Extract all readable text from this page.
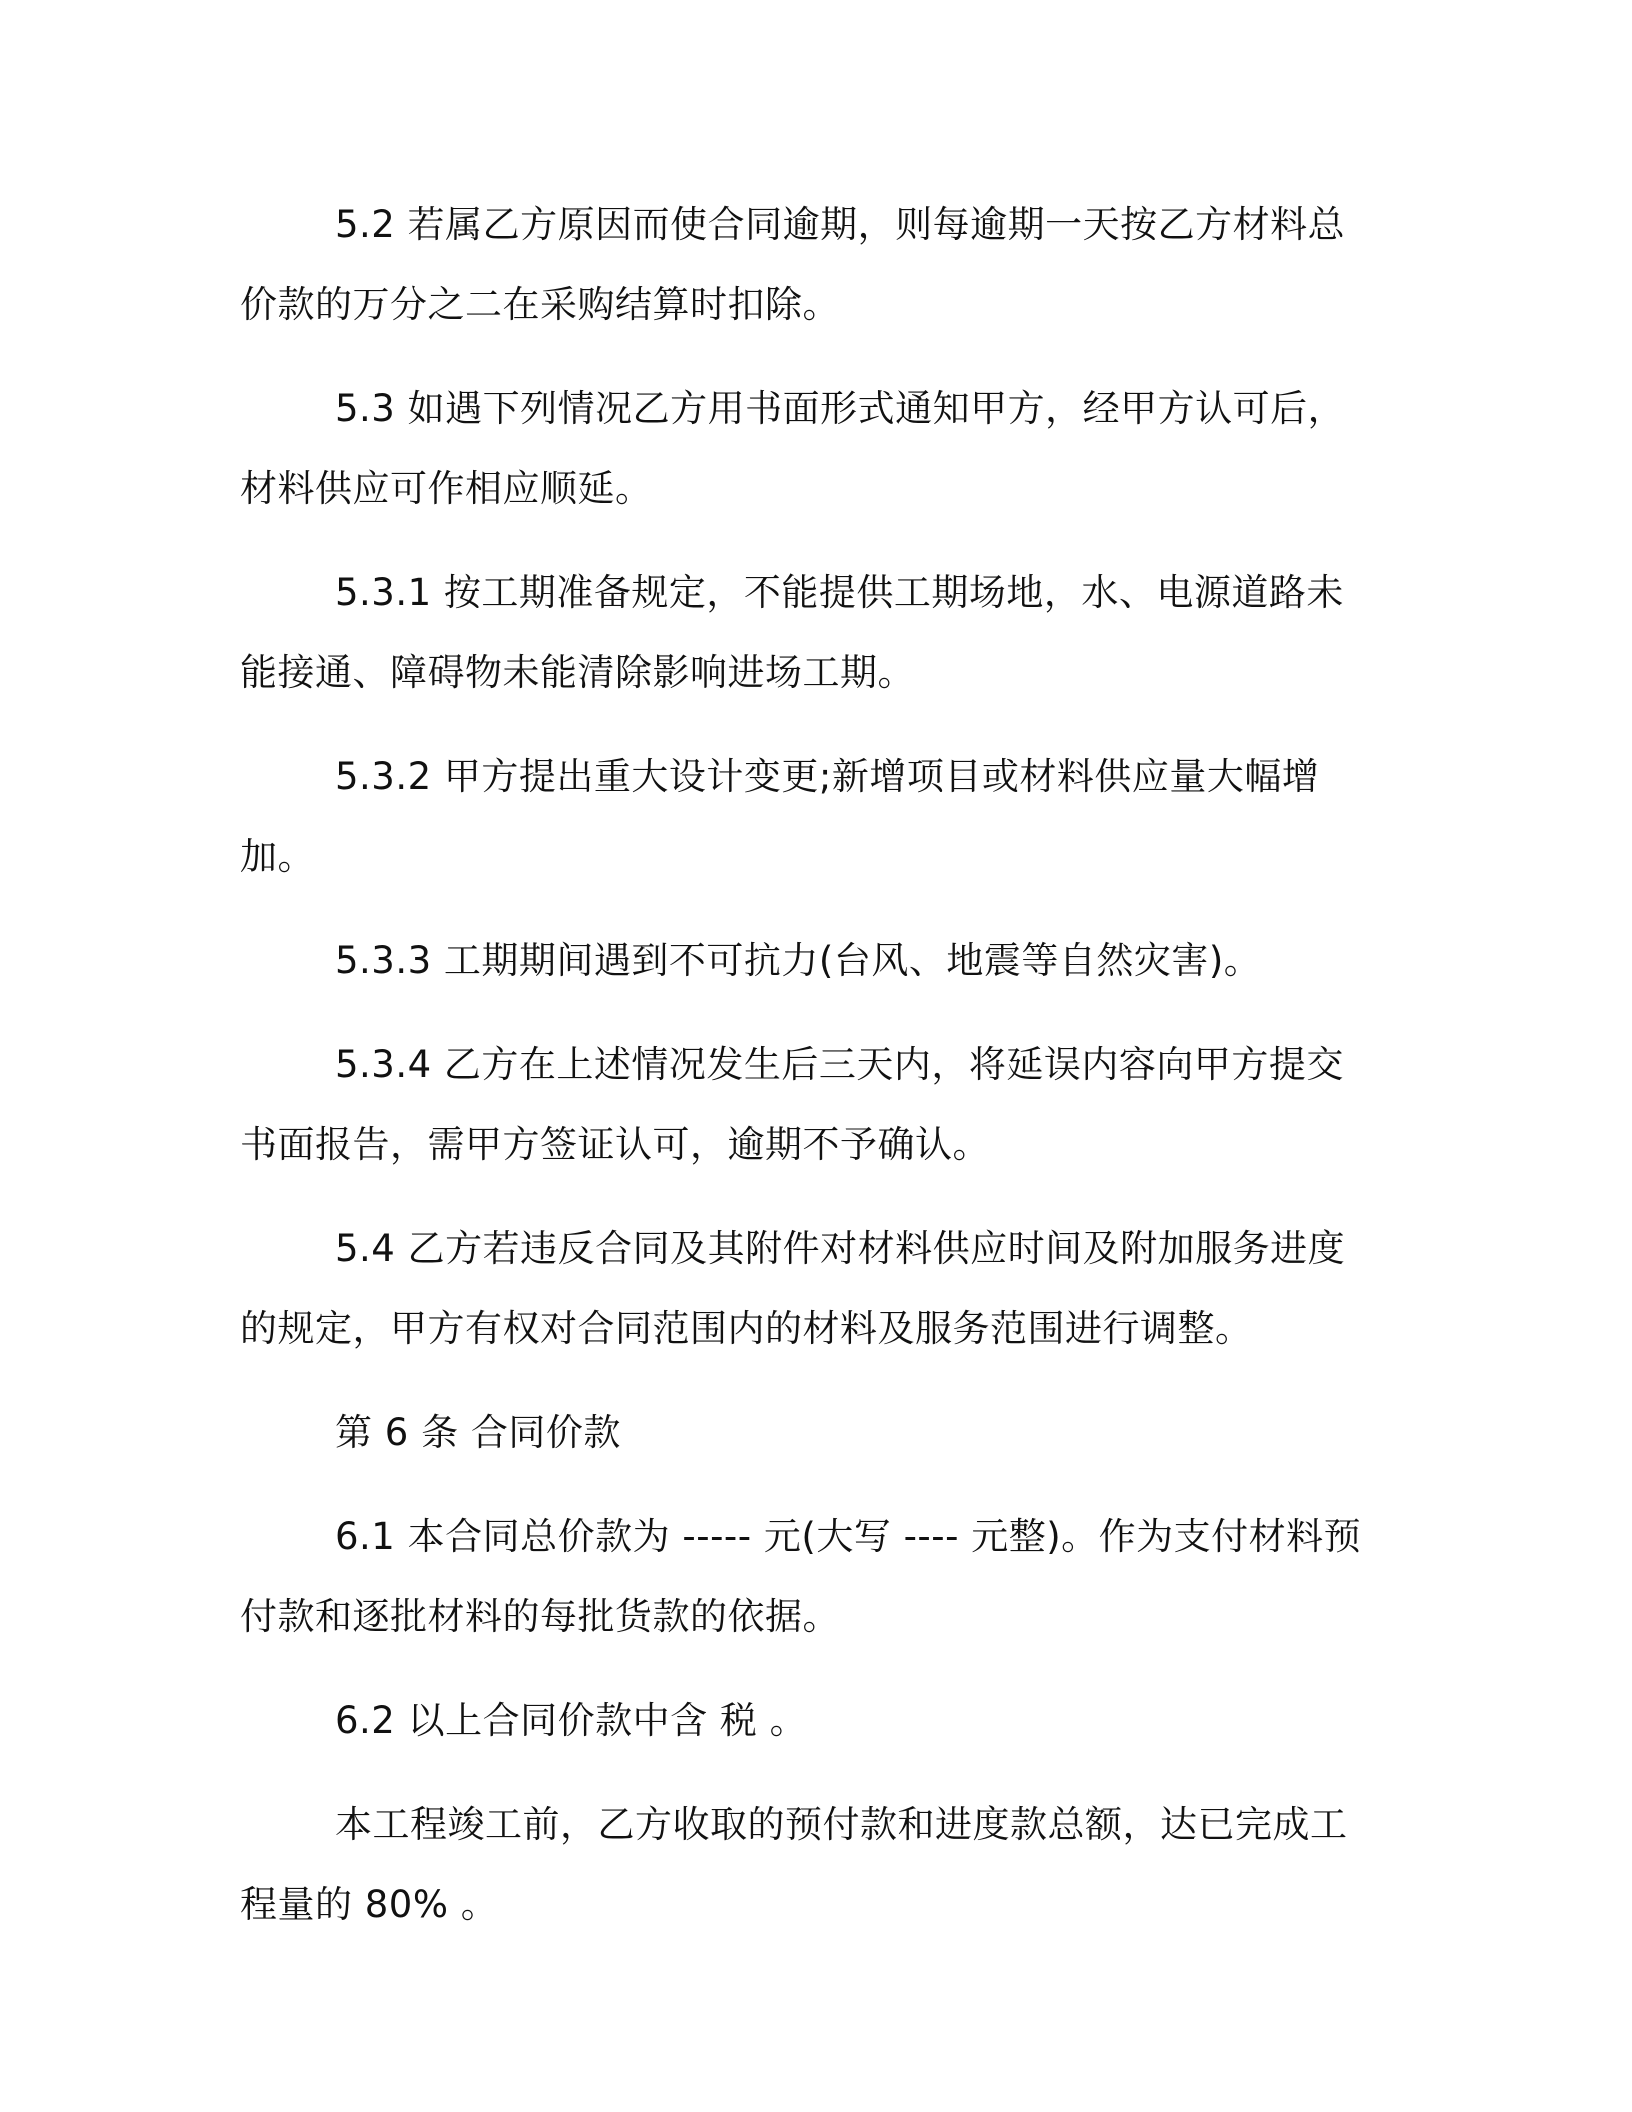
5.2 若属乙方原因而使合同逾期，则每逾期一天按乙方材料总价款的万分之二在采购结算时扣除。

5.3 如遇下列情况乙方用书面形式通知甲方，经甲方认可后，材料供应可作相应顺延。

5.3.1 按工期准备规定，不能提供工期场地，水、电源道路未能接通、障碍物未能清除影响进场工期。

5.3.2 甲方提出重大设计变更;新增项目或材料供应量大幅增加。

5.3.3 工期期间遇到不可抗力(台风、地震等自然灾害)。

5.3.4 乙方在上述情况发生后三天内，将延误内容向甲方提交书面报告，需甲方签证认可，逾期不予确认。

5.4 乙方若违反合同及其附件对材料供应时间及附加服务进度的规定，甲方有权对合同范围内的材料及服务范围进行调整。

第 6 条 合同价款

6.1 本合同总价款为 ----- 元(大写 ---- 元整)。作为支付材料预付款和逐批材料的每批货款的依据。

6.2 以上合同价款中含 税 。

本工程竣工前，乙方收取的预付款和进度款总额，达已完成工程量的 80% 。
